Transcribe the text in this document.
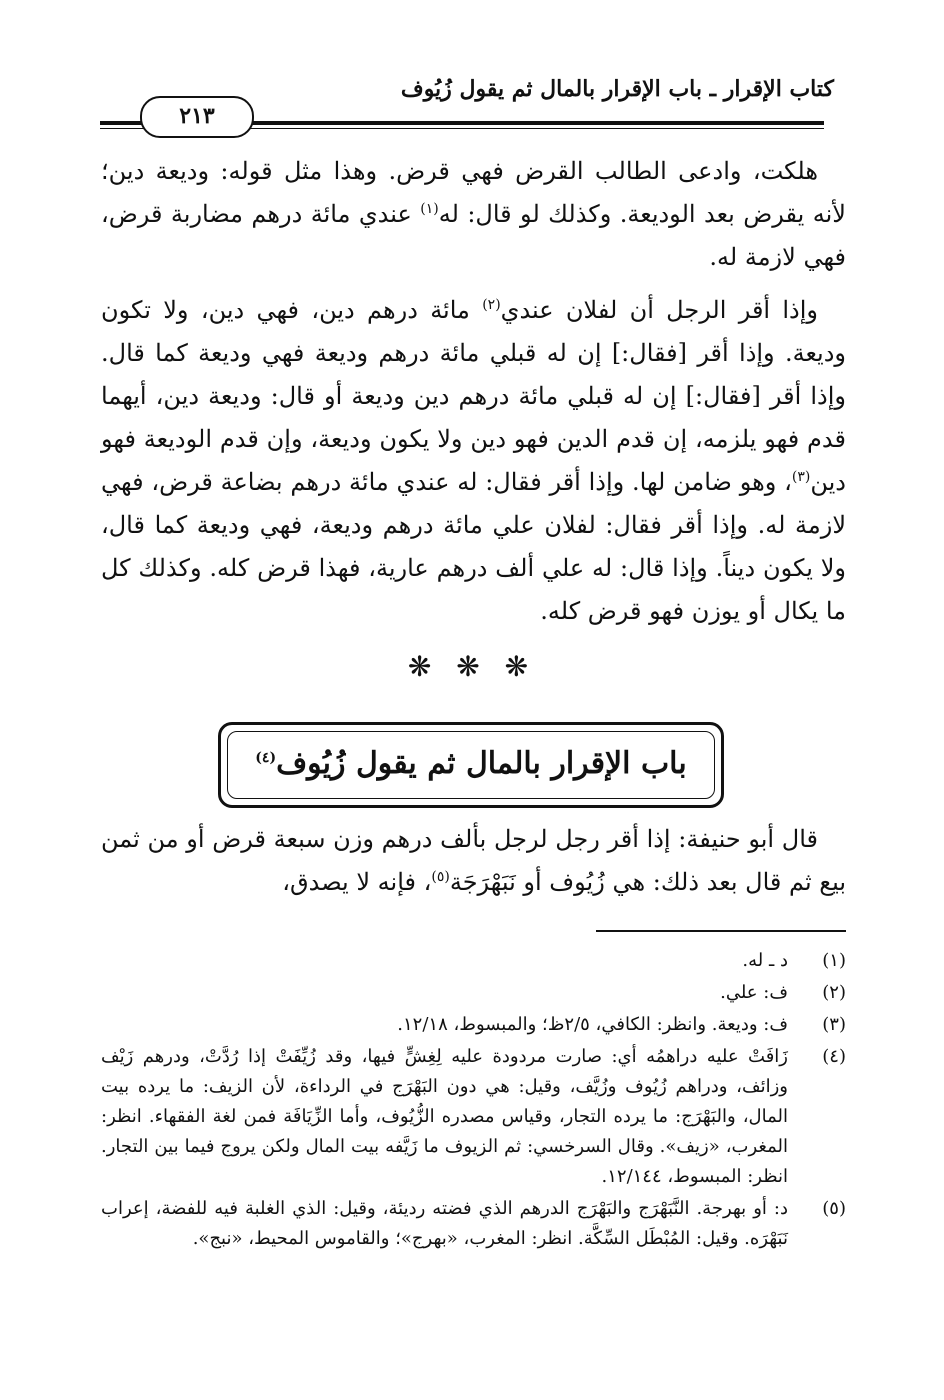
كتاب الإقرار ـ باب الإقرار بالمال ثم يقول زُيُوف
٢١٣

هلكت، وادعى الطالب القرض فهي قرض. وهذا مثل قوله: وديعة دين؛ لأنه يقرض بعد الوديعة. وكذلك لو قال: له$^{(١)}$ عندي مائة درهم مضاربة قرض، فهي لازمة له.

وإذا أقر الرجل أن لفلان عندي$^{(٢)}$ مائة درهم دين، فهي دين، ولا تكون وديعة. وإذا أقر [فقال:] إن له قبلي مائة درهم وديعة فهي وديعة كما قال. وإذا أقر [فقال:] إن له قبلي مائة درهم دين وديعة أو قال: وديعة دين، أيهما قدم فهو يلزمه، إن قدم الدين فهو دين ولا يكون وديعة، وإن قدم الوديعة فهو دين$^{(٣)}$، وهو ضامن لها. وإذا أقر فقال: له عندي مائة درهم بضاعة قرض، فهي لازمة له. وإذا أقر فقال: لفلان علي مائة درهم وديعة، فهي وديعة كما قال، ولا يكون ديناً. وإذا قال: له علي ألف درهم عارية، فهذا قرض كله. وكذلك كل ما يكال أو يوزن فهو قرض كله.

❋ ❋ ❋
باب الإقرار بالمال ثم يقول زُيُوف$^{(٤)}$

قال أبو حنيفة: إذا أقر رجل لرجل بألف درهم وزن سبعة قرض أو من ثمن بيع ثم قال بعد ذلك: هي زُيُوف أو نَبَهْرَجَة$^{(٥)}$، فإنه لا يصدق،

(١)
د ـ له.
(٢)
ف: علي.
(٣)
ف: وديعة. وانظر: الكافي، ٢/٥ظ؛ والمبسوط، ١٢/١٨.
(٤)
زَافَتْ عليه دراهمُه أي: صارت مردودة عليه لِغِشٍّ فيها، وقد زُيِّفَتْ إذا رُدَّتْ، ودرهم زَيْف وزائف، ودراهم زُيُوف وزُيَّف، وقيل: هي دون البَهْرَج في الرداءة، لأن الزيف: ما يرده بيت المال، والبَهْرَج: ما يرده التجار، وقياس مصدره الزُّيُوف، وأما الزِّيَافَة فمن لغة الفقهاء. انظر: المغرب، «زيف». وقال السرخسي: ثم الزيوف ما زَيَّفه بيت المال ولكن يروج فيما بين التجار. انظر: المبسوط، ١٢/١٤٤.
(٥)
د: أو بهرجة. النَّبَهْرَج والبَهْرَج الدرهم الذي فضته رديئة، وقيل: الذي الغلبة فيه للفضة، إعراب نَبَهْرَه. وقيل: المُبْطَل السِّكَّة. انظر: المغرب، «بهرج»؛ والقاموس المحيط، «نبج».
